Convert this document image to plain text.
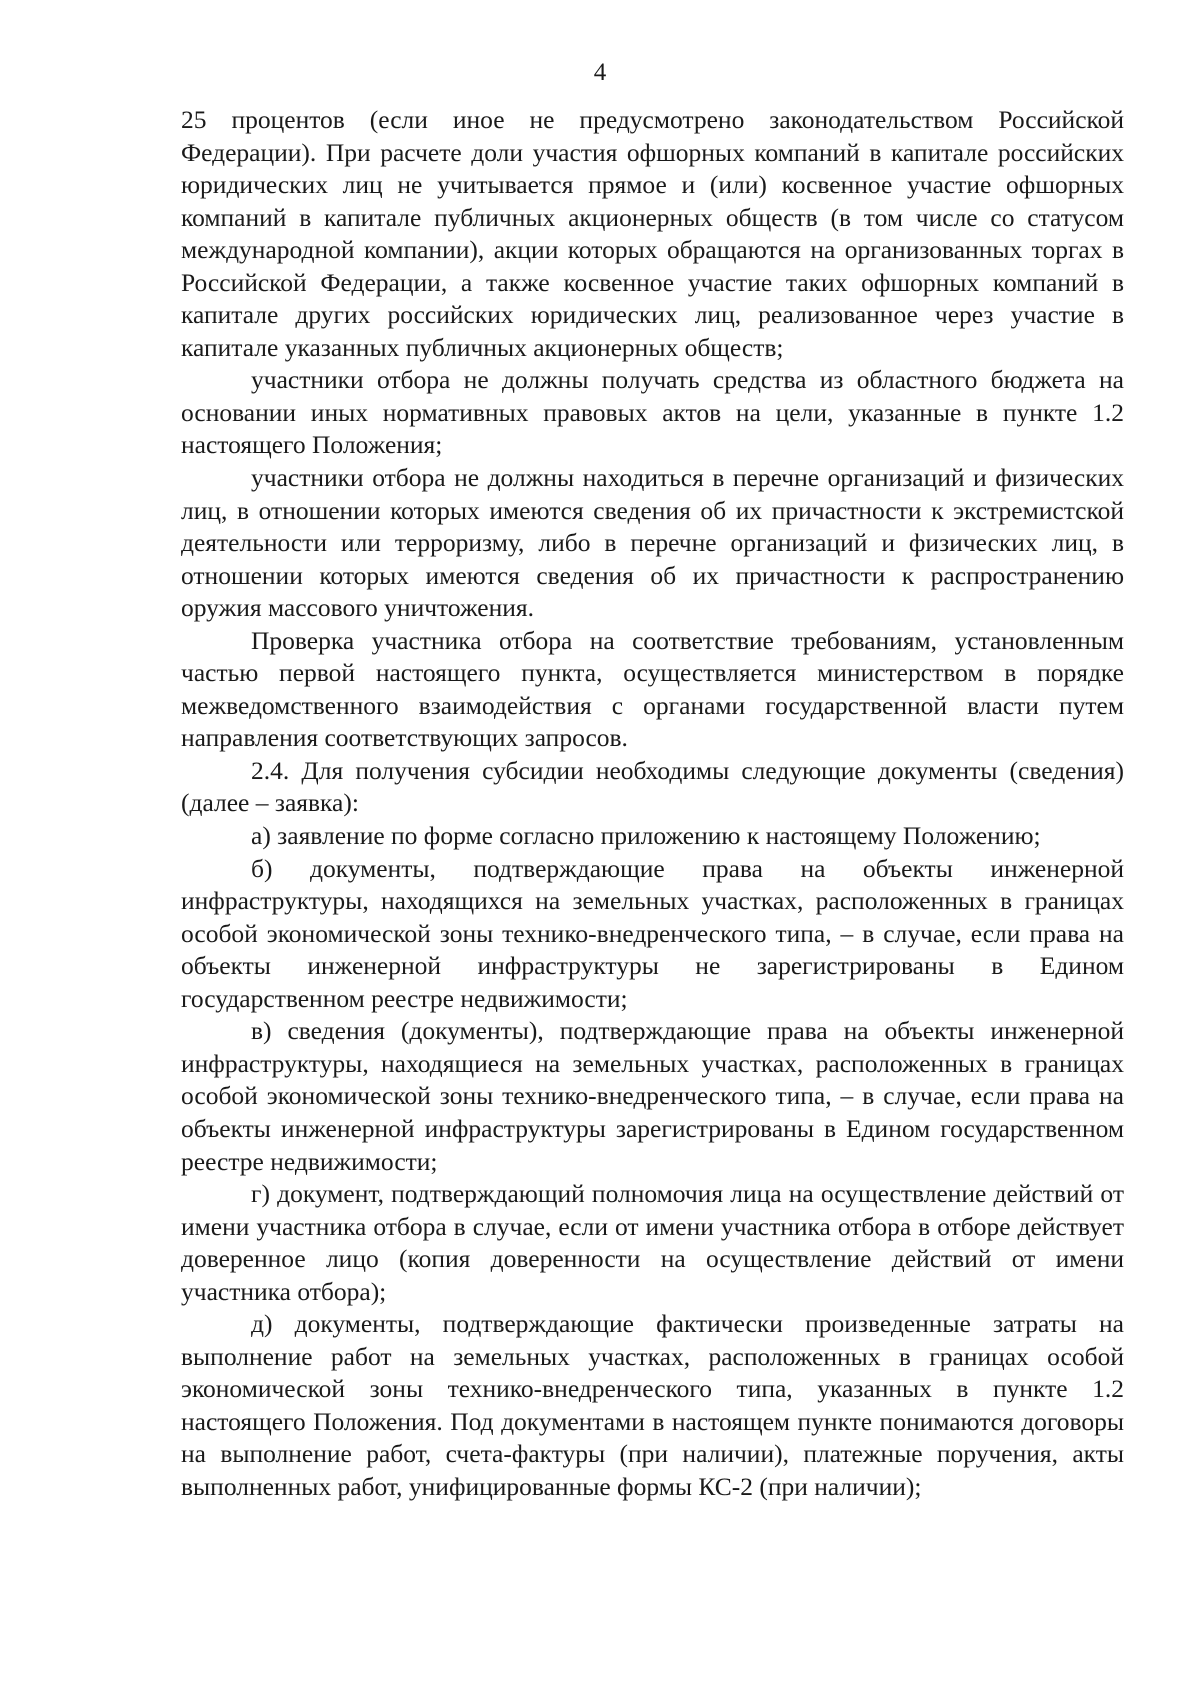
4

25 процентов (если иное не предусмотрено законодательством Российской Федерации). При расчете доли участия офшорных компаний в капитале российских юридических лиц не учитывается прямое и (или) косвенное участие офшорных компаний в капитале публичных акционерных обществ (в том числе со статусом международной компании), акции которых обращаются на организованных торгах в Российской Федерации, а также косвенное участие таких офшорных компаний в капитале других российских юридических лиц, реализованное через участие в капитале указанных публичных акционерных обществ;

участники отбора не должны получать средства из областного бюджета на основании иных нормативных правовых актов на цели, указанные в пункте 1.2 настоящего Положения;

участники отбора не должны находиться в перечне организаций и физических лиц, в отношении которых имеются сведения об их причастности к экстремистской деятельности или терроризму, либо в перечне организаций и физических лиц, в отношении которых имеются сведения об их причастности к распространению оружия массового уничтожения.

Проверка участника отбора на соответствие требованиям, установленным частью первой настоящего пункта, осуществляется министерством в порядке межведомственного взаимодействия с органами государственной власти путем направления соответствующих запросов.

2.4. Для получения субсидии необходимы следующие документы (сведения) (далее – заявка):

а) заявление по форме согласно приложению к настоящему Положению;

б) документы, подтверждающие права на объекты инженерной инфраструктуры, находящихся на земельных участках, расположенных в границах особой экономической зоны технико-внедренческого типа, – в случае, если права на объекты инженерной инфраструктуры не зарегистрированы в Едином государственном реестре недвижимости;

в) сведения (документы), подтверждающие права на объекты инженерной инфраструктуры, находящиеся на земельных участках, расположенных в границах особой экономической зоны технико-внедренческого типа, – в случае, если права на объекты инженерной инфраструктуры зарегистрированы в Едином государственном реестре недвижимости;

г) документ, подтверждающий полномочия лица на осуществление действий от имени участника отбора в случае, если от имени участника отбора в отборе действует доверенное лицо (копия доверенности на осуществление действий от имени участника отбора);

д) документы, подтверждающие фактически произведенные затраты на выполнение работ на земельных участках, расположенных в границах особой экономической зоны технико-внедренческого типа, указанных в пункте 1.2 настоящего Положения. Под документами в настоящем пункте понимаются договоры на выполнение работ, счета-фактуры (при наличии), платежные поручения, акты выполненных работ, унифицированные формы КС-2 (при наличии);
